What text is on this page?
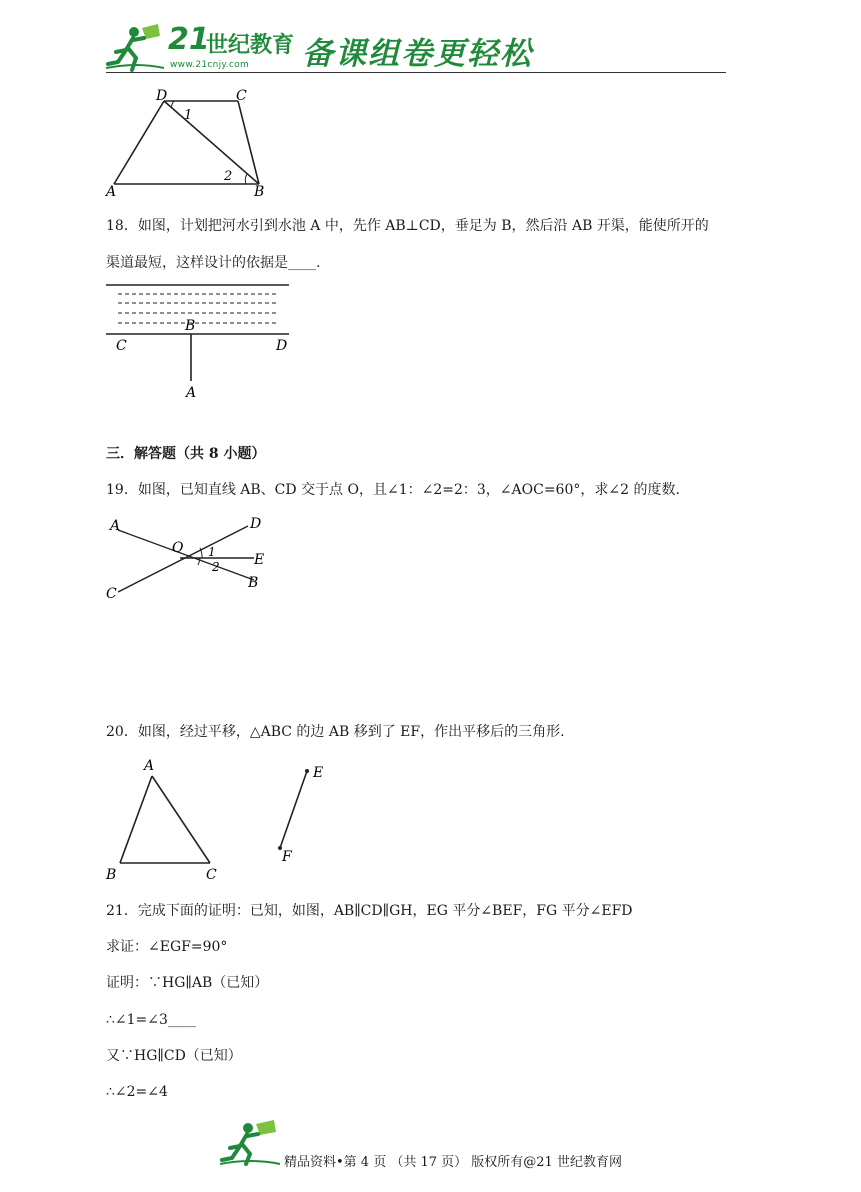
21
世纪教育
www.21cnjy.com 备课组卷更轻松
D	C
1
2
A	B
18．如图，计划把河水引到水池 A 中，先作 AB⊥CD，垂足为 B，然后沿 AB 开渠，能使所开的
渠道最短，这样设计的依据是____.
B
C	D
A
三．解答题（共 8 小题）
19．如图，已知直线 AB、CD 交于点 O，且∠1：∠2=2：3，∠AOC=60°，求∠2 的度数.
A	D
O 1	E
2
B
C
20．如图，经过平移，△ABC 的边 AB 移到了 EF，作出平移后的三角形.
A
B	C
E
F
21．完成下面的证明：已知，如图，AB∥CD∥GH，EG 平分∠BEF，FG 平分∠EFD
求证：∠EGF=90°
证明：∵HG∥AB（已知）
∴∠1=∠3____
又∵HG∥CD（已知）
∴∠2=∠4
精品资料•第 4 页 （共 17 页） 版权所有@21 世纪教育网
